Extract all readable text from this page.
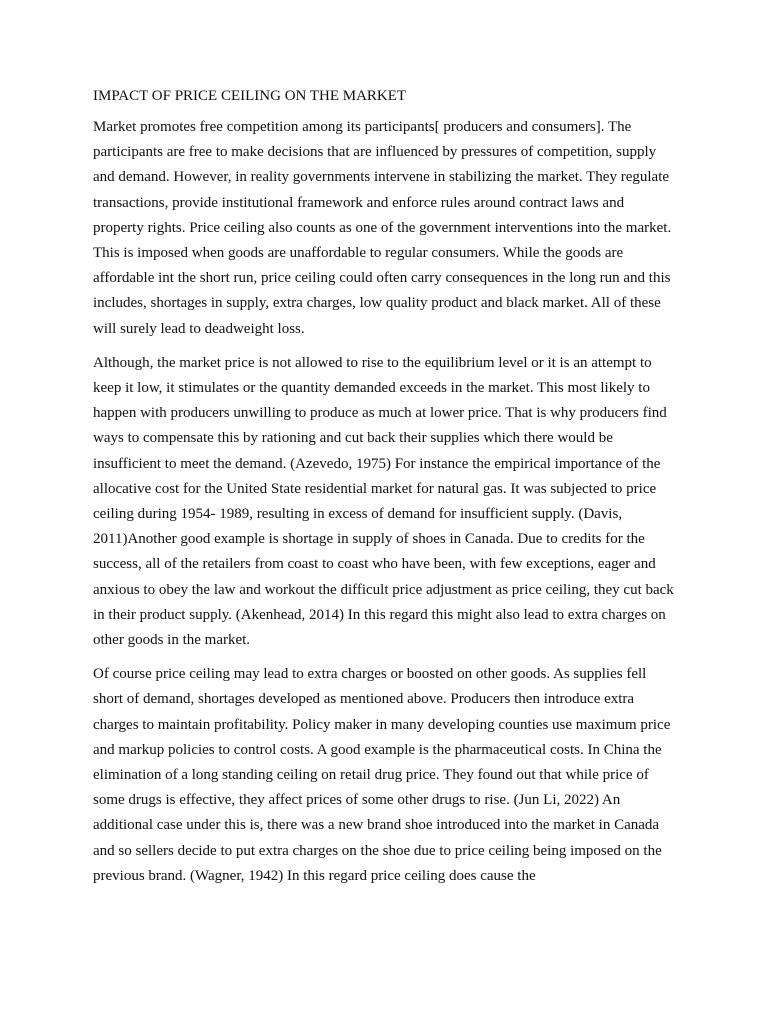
IMPACT OF PRICE CEILING ON THE MARKET

Market promotes free competition among its participants[ producers and consumers]. The participants are free to make decisions that are influenced by pressures of competition, supply and demand. However, in reality governments intervene in stabilizing the market. They regulate transactions, provide institutional framework and enforce rules around contract laws and property rights. Price ceiling also counts as one of the government interventions into the market. This is imposed when goods are unaffordable to regular consumers. While the goods are affordable int the short run, price ceiling could often carry consequences in the long run and this includes, shortages in supply, extra charges, low quality product and black market. All of these will surely lead to deadweight loss.

Although, the market price is not allowed to rise to the equilibrium level or it is an attempt to keep it low, it stimulates or the quantity demanded exceeds in the market. This most likely to happen with producers unwilling to produce as much at lower price. That is why producers find ways to compensate this by rationing and cut back their supplies which there would be insufficient to meet the demand. (Azevedo, 1975) For instance the empirical importance of the allocative cost for the United State residential market for natural gas. It was subjected to price ceiling during 1954- 1989, resulting in excess of demand for insufficient supply. (Davis, 2011)Another good example is shortage in supply of shoes in Canada. Due to credits for the success, all of the retailers from coast to coast who have been, with few exceptions, eager and anxious to obey the law and workout the difficult price adjustment as price ceiling, they cut back in their product supply. (Akenhead, 2014) In this regard this might also lead to extra charges on other goods in the market.

Of course price ceiling may lead to extra charges or boosted on other goods. As supplies fell short of demand, shortages developed as mentioned above. Producers then introduce extra charges to maintain profitability. Policy maker in many developing counties use maximum price and markup policies to control costs. A good example is the pharmaceutical costs. In China the elimination of a long standing ceiling on retail drug price. They found out that while price of some drugs is effective, they affect prices of some other drugs to rise. (Jun Li, 2022) An additional case under this is, there was a new brand shoe introduced into the market in Canada and so sellers decide to put extra charges on the shoe due to price ceiling being imposed on the previous brand. (Wagner, 1942) In this regard price ceiling does cause the
